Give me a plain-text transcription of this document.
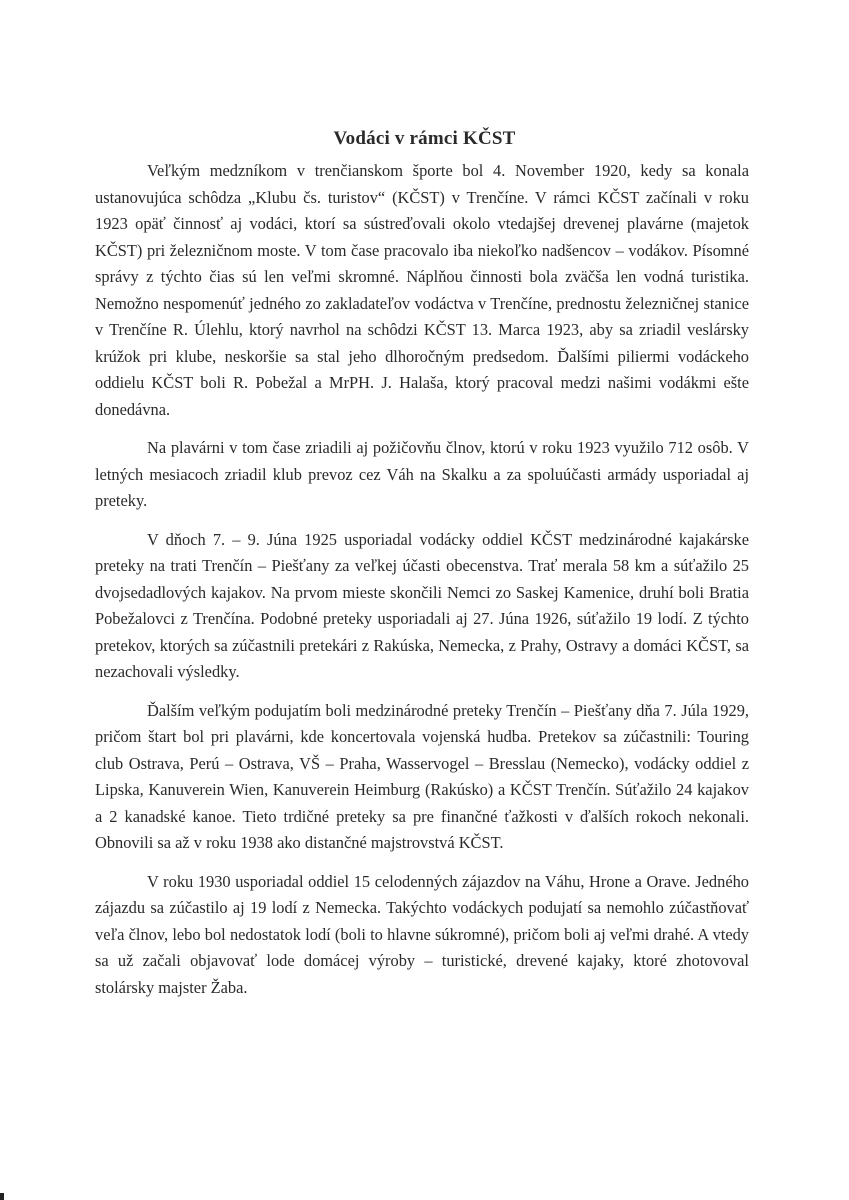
Vodáci v rámci KČST

Veľkým medzníkom v trenčianskom športe bol 4. November 1920, kedy sa konala ustanovujúca schôdza „Klubu čs. turistov“ (KČST) v Trenčíne. V rámci KČST začínali v roku 1923 opäť činnosť aj vodáci, ktorí sa sústreďovali okolo vtedajšej drevenej plavárne (majetok KČST) pri železničnom moste. V tom čase pracovalo iba niekoľko nadšencov – vodákov. Písomné správy z týchto čias sú len veľmi skromné. Náplňou činnosti bola zväčša len vodná turistika. Nemožno nespomenúť jedného zo zakladateľov vodáctva v Trenčíne, prednostu železničnej stanice v Trenčíne R. Úlehlu, ktorý navrhol na schôdzi KČST 13. Marca 1923, aby sa zriadil veslársky krúžok pri klube, neskoršie sa stal jeho dlhoročným predsedom. Ďalšími piliermi vodáckeho oddielu KČST boli R. Pobežal a MrPH. J. Halaša, ktorý pracoval medzi našimi vodákmi ešte donedávna.

Na plavárni v tom čase zriadili aj požičovňu člnov, ktorú v roku 1923 využilo 712 osôb. V letných mesiacoch zriadil klub prevoz cez Váh na Skalku a za spoluúčasti armády usporiadal aj preteky.

V dňoch 7. – 9. Júna 1925 usporiadal vodácky oddiel KČST medzinárodné kajakárske preteky na trati Trenčín – Piešťany za veľkej účasti obecenstva. Trať merala 58 km a súťažilo 25 dvojsedadlových kajakov. Na prvom mieste skončili Nemci zo Saskej Kamenice, druhí boli Bratia Pobežalovci z Trenčína. Podobné preteky usporiadali aj 27. Júna 1926, súťažilo 19 lodí. Z týchto pretekov, ktorých sa zúčastnili pretekári z Rakúska, Nemecka, z Prahy, Ostravy a domáci KČST, sa nezachovali výsledky.

Ďalším veľkým podujatím boli medzinárodné preteky Trenčín – Piešťany dňa 7. Júla 1929, pričom štart bol pri plavárni, kde koncertovala vojenská hudba. Pretekov sa zúčastnili: Touring club Ostrava, Perú – Ostrava, VŠ – Praha, Wasservogel – Bresslau (Nemecko), vodácky oddiel z Lipska, Kanuverein Wien, Kanuverein Heimburg (Rakúsko) a KČST Trenčín. Súťažilo 24 kajakov a 2 kanadské kanoe. Tieto trdičné preteky sa pre finančné ťažkosti v ďalších rokoch nekonali. Obnovili sa až v roku 1938 ako distančné majstrovstvá KČST.

V roku 1930 usporiadal oddiel 15 celodenných zájazdov na Váhu, Hrone a Orave. Jedného zájazdu sa zúčastilo aj 19 lodí z Nemecka. Takýchto vodáckych podujatí sa nemohlo zúčastňovať veľa člnov, lebo bol nedostatok lodí (boli to hlavne súkromné), pričom boli aj veľmi drahé. A vtedy sa už začali objavovať lode domácej výroby – turistické, drevené kajaky, ktoré zhotovoval stolársky majster Žaba.
